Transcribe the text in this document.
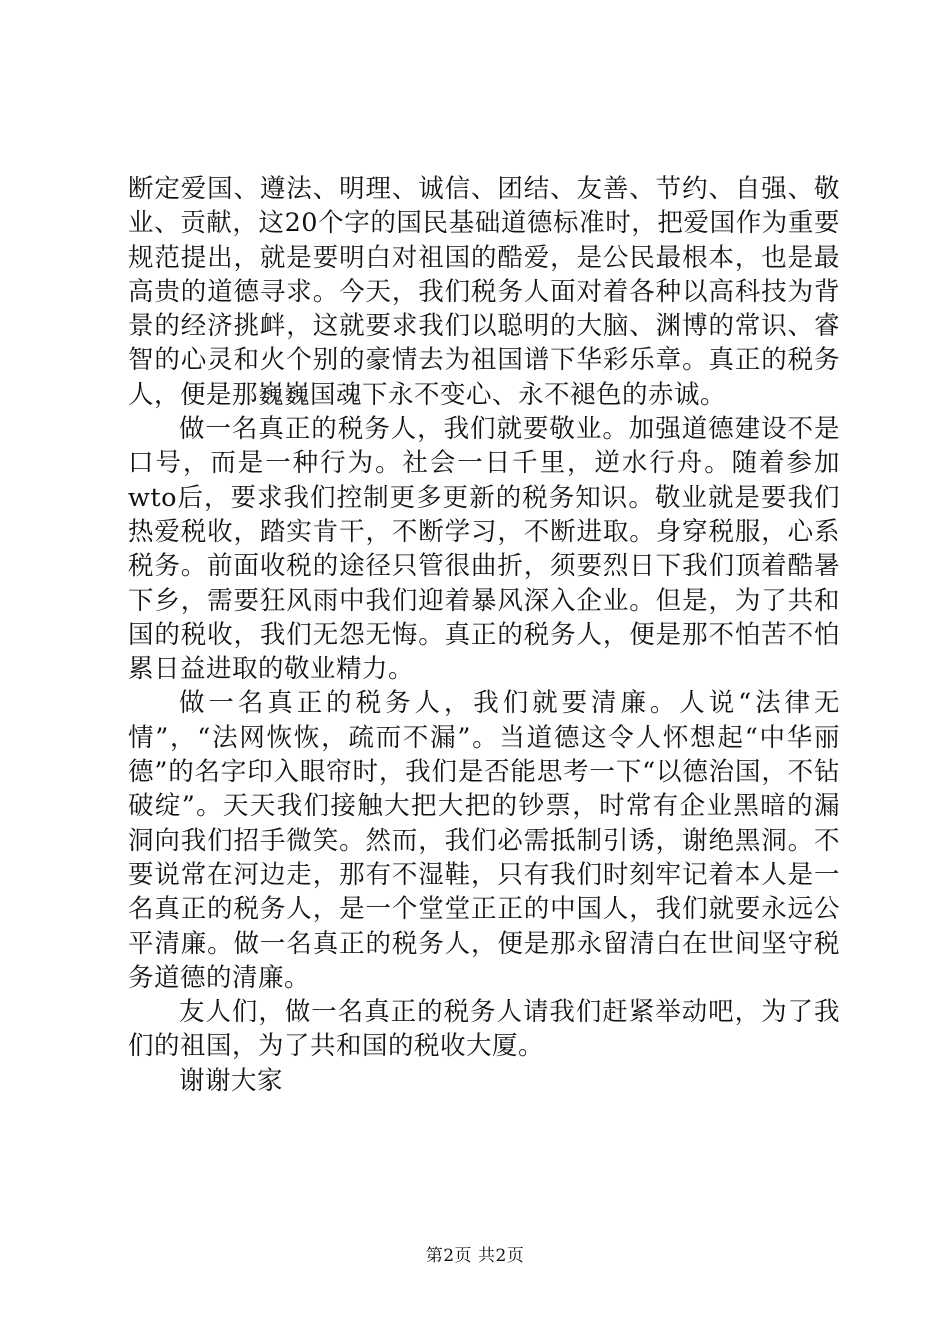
断定爱国、遵法、明理、诚信、团结、友善、节约、自强、敬业、贡献，这20个字的国民基础道德标准时，把爱国作为重要规范提出，就是要明白对祖国的酷爱，是公民最根本，也是最高贵的道德寻求。今天，我们税务人面对着各种以高科技为背景的经济挑衅，这就要求我们以聪明的大脑、渊博的常识、睿智的心灵和火个别的豪情去为祖国谱下华彩乐章。真正的税务人，便是那巍巍国魂下永不变心、永不褪色的赤诚。

做一名真正的税务人，我们就要敬业。加强道德建设不是口号，而是一种行为。社会一日千里，逆水行舟。随着参加wto后，要求我们控制更多更新的税务知识。敬业就是要我们热爱税收，踏实肯干，不断学习，不断进取。身穿税服，心系税务。前面收税的途径只管很曲折，须要烈日下我们顶着酷暑下乡，需要狂风雨中我们迎着暴风深入企业。但是，为了共和国的税收，我们无怨无悔。真正的税务人，便是那不怕苦不怕累日益进取的敬业精力。

做一名真正的税务人，我们就要清廉。人说“法律无情”，“法网恢恢，疏而不漏”。当道德这令人怀想起“中华丽德”的名字印入眼帘时，我们是否能思考一下“以德治国，不钻破绽”。天天我们接触大把大把的钞票，时常有企业黑暗的漏洞向我们招手微笑。然而，我们必需抵制引诱，谢绝黑洞。不要说常在河边走，那有不湿鞋，只有我们时刻牢记着本人是一名真正的税务人，是一个堂堂正正的中国人，我们就要永远公平清廉。做一名真正的税务人，便是那永留清白在世间坚守税务道德的清廉。

友人们，做一名真正的税务人请我们赶紧举动吧，为了我们的祖国，为了共和国的税收大厦。

谢谢大家

第2页 共2页
